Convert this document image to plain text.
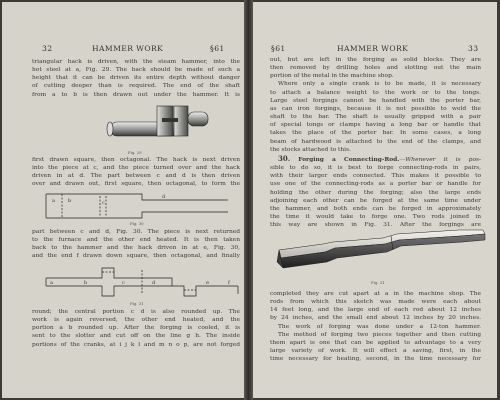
32	HAMMER WORK	§61
triangular hack is driven, with the steam hammer, into the
hot steel at a, Fig. 29. The hack should be made of such a
height that it can be driven its entire depth without danger
of cutting deeper than is required. The end of the shaft
from a to b is then drawn out under the hammer. It is
Fig. 29
first drawn square, then octagonal. The hack is next driven
into the piece at c, and the piece turned over and the hack
driven in at d. The part between c and d is then driven
over and drawn out, first square, then octagonal, to form the
a	b	c
d
Fig. 30
part between c and d, Fig. 30. The piece is next returned
to the furnace and the other end heated. It is then taken
back to the hammer and the hack driven in at e, Fig. 30,
and the end f drawn down square, then octagonal, and finally
a	b	c	d	e	f
Fig. 31
round; the central portion c d is also rounded up. The
work is again reversed, the other end heated, and the
portion a b rounded up. After the forging is cooled, it is
sent to the slotter and cut off on the line g h. The inside
portions of the cranks, at i j k l and m n o p, are not forged
§61	HAMMER WORK	33
out, but are left in the forging as solid blocks. They are
then removed by drilling holes and slotting out the main
portion of the metal in the machine shop.
Where only a single crank is to be made, it is necessary
to attach a balance weight to the work or to the tongs.
Large steel forgings cannot be handled with the porter bar,
as can iron forgings, because it is not possible to weld the
shaft to the bar. The shaft is usually gripped with a pair
of special tongs or clamps having a long bar or handle that
takes the place of the porter bar. In some cases, a long
beam of hardwood is attached to the end of the clamps, and
the stocks attached to this.
30. Forging a Connecting-Rod.—Whenever it is pos-
sible to do so, it is best to forge connecting-rods in pairs,
with their larger ends connected. This makes it possible to
use one of the connecting-rods as a porter bar or handle for
holding the other during the forging; also the large ends
adjoining each other can be forged at the same time under
the hammer, and both ends can be forged in approximately
the time it would take to forge one. Two rods joined in
this way are shown in Fig. 31. After the forgings are
Fig. 31
completed they are cut apart at a in the machine shop. The
rods from which this sketch was made were each about
14 feet long, and the large end of each rod about 12 inches
by 24 inches, and the small end about 12 inches by 20 inches.
The work of forging was done under a 12-ton hammer.
The method of forging two pieces together and then cutting
them apart is one that can be applied to advantage to a very
large variety of work. It will effect a saving, first, in the
time necessary for heating, second, in the time necessary for
